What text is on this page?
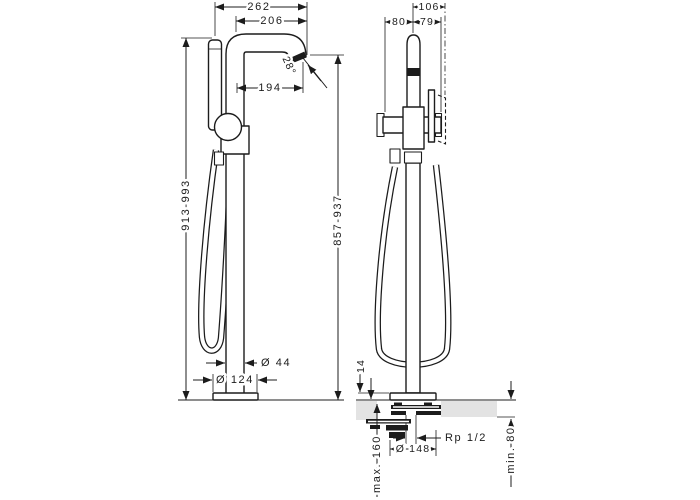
262
206
194
28°
913-993	857-937
Ø 44
Ø 124
106
80 79
14
Ø 148
Rp 1/2
max. 160	min. 80
